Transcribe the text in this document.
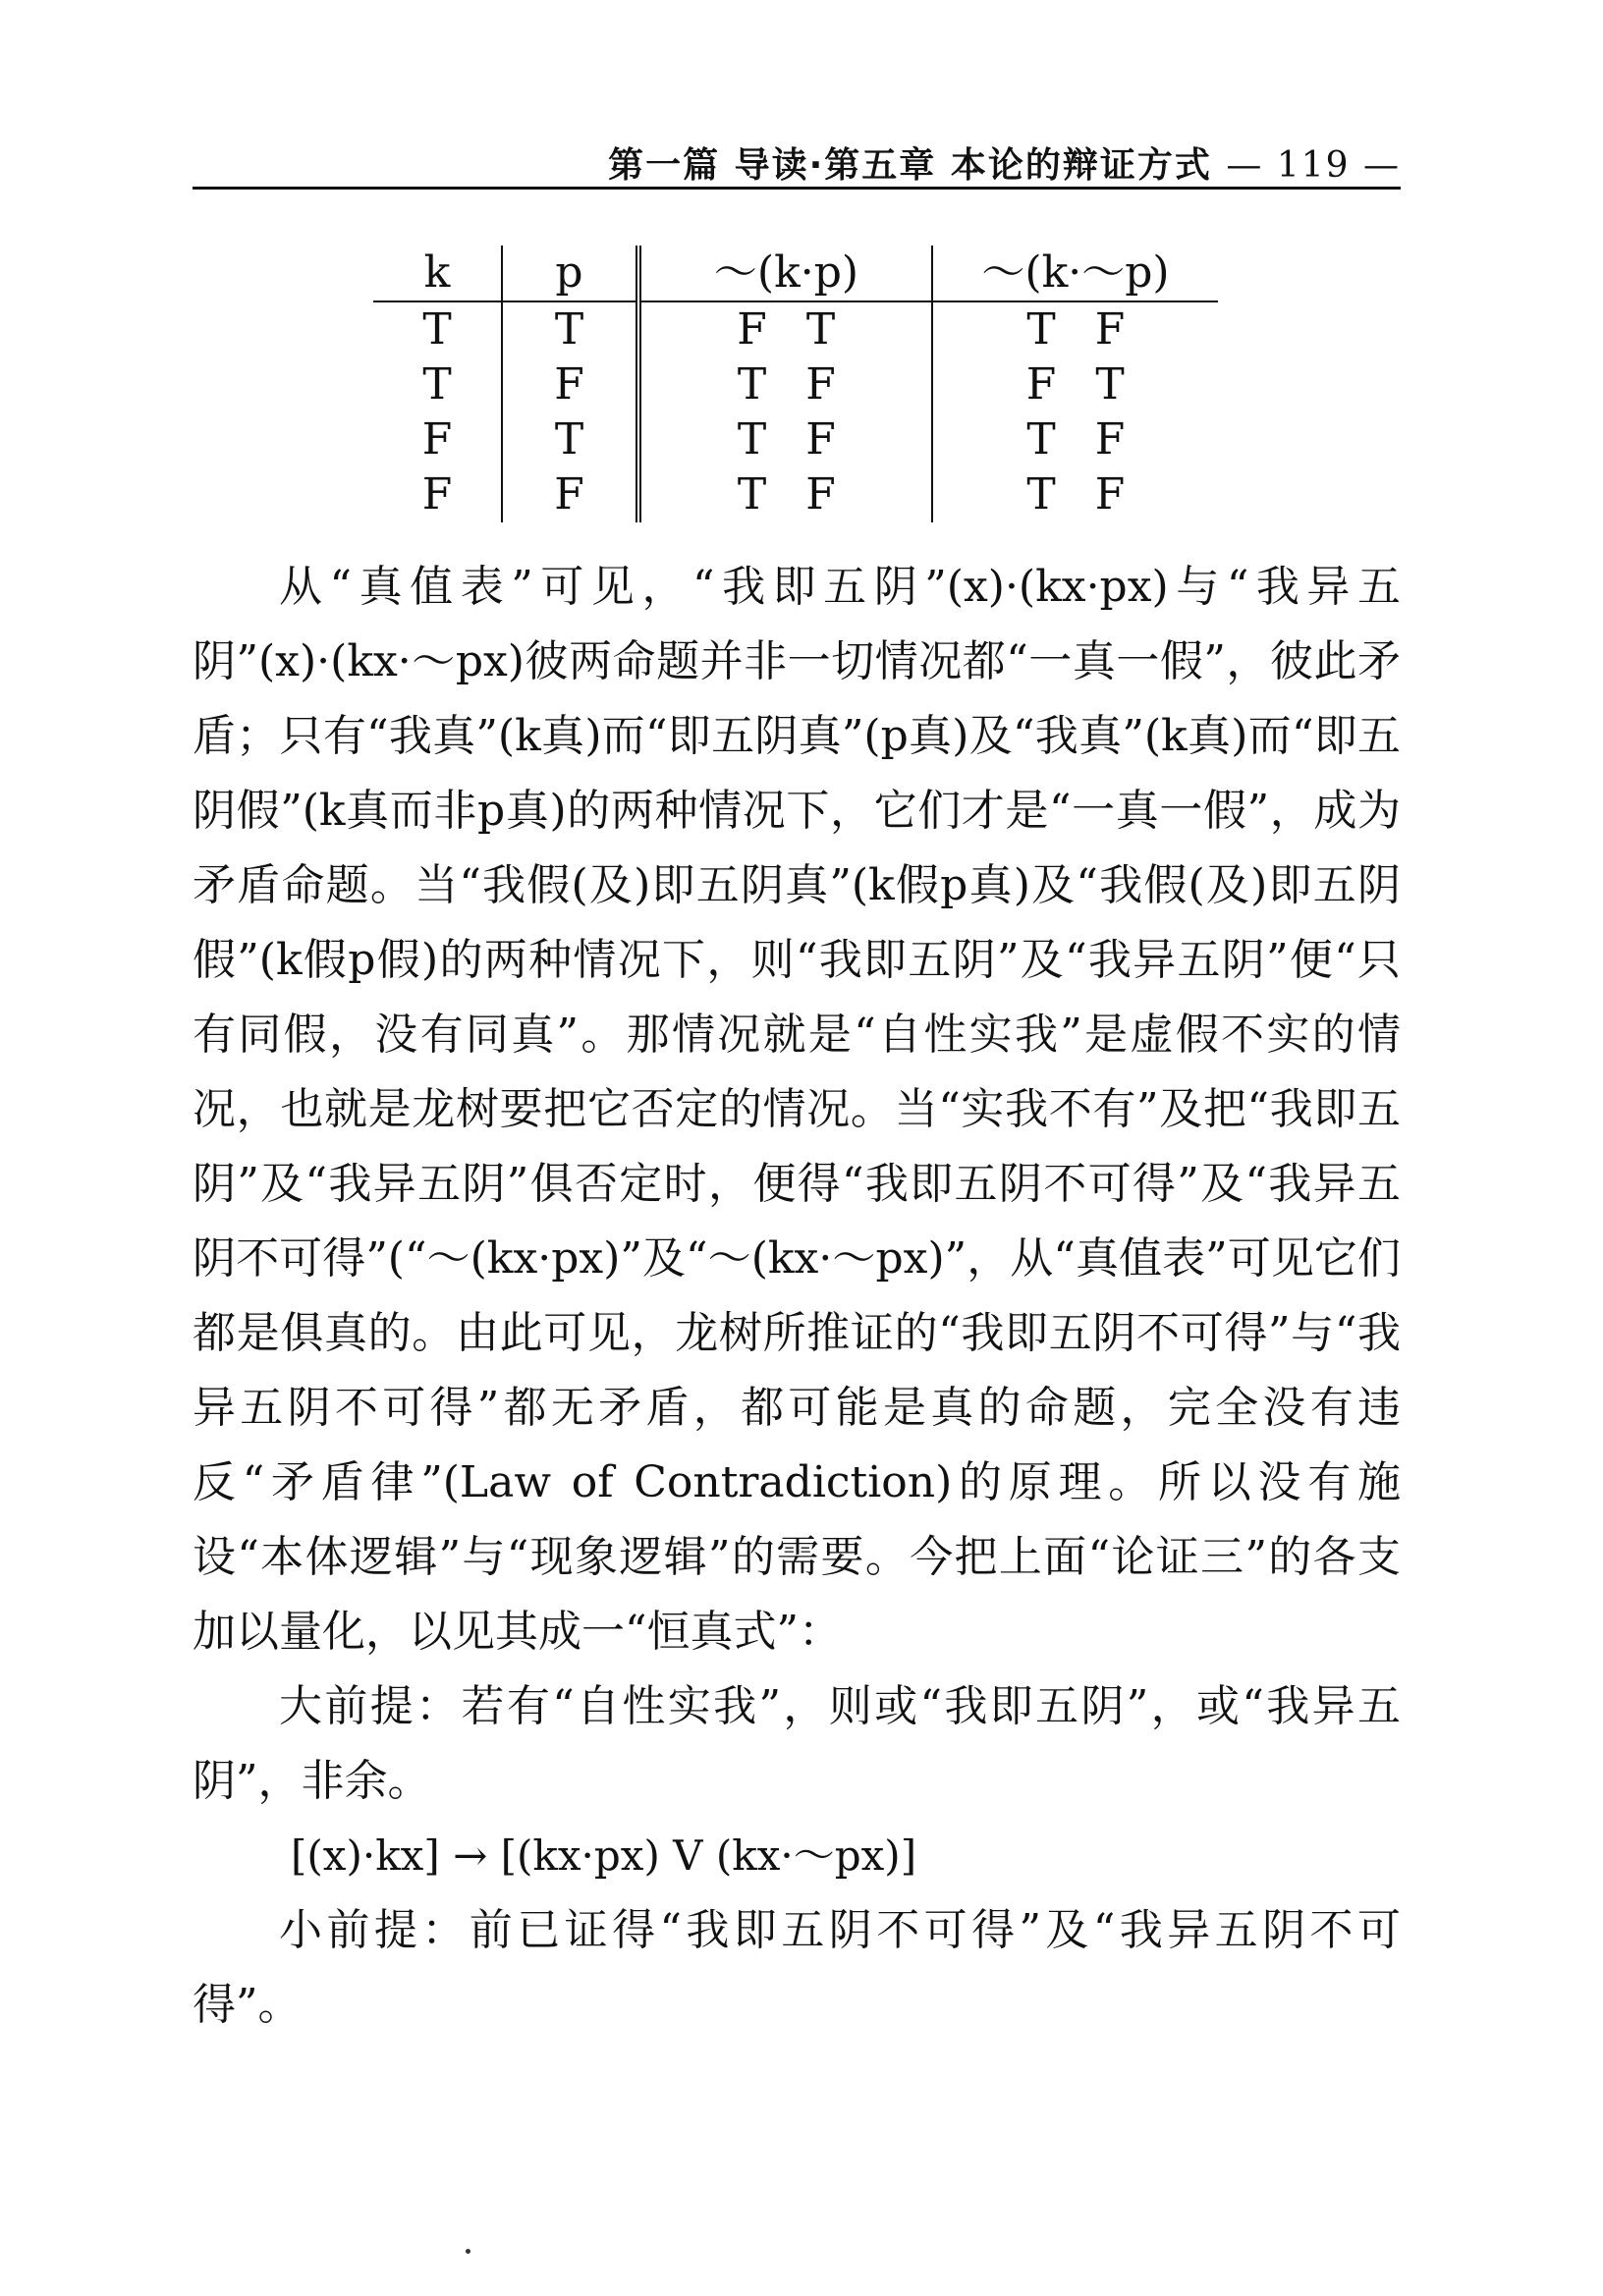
第一篇 导读·第五章 本论的辩证方式 — 119 —
k	p	～(k·p)	～(k·～p)
T	T	F T	T F
T	F	T F	F T
F	T	T F	T F
F	F	T F	T F

从“真值表”可见，“我即五阴”(x)·(kx·px)与“我异五阴”(x)·(kx·～px)彼两命题并非一切情况都“一真一假”，彼此矛盾；只有“我真”(k真)而“即五阴真”(p真)及“我真”(k真)而“即五阴假”(k真而非p真)的两种情况下，它们才是“一真一假”，成为矛盾命题。当“我假(及)即五阴真”(k假p真)及“我假(及)即五阴假”(k假p假)的两种情况下，则“我即五阴”及“我异五阴”便“只有同假，没有同真”。那情况就是“自性实我”是虚假不实的情况，也就是龙树要把它否定的情况。当“实我不有”及把“我即五阴”及“我异五阴”俱否定时，便得“我即五阴不可得”及“我异五阴不可得”(“～(kx·px)”及“～(kx·～px)”，从“真值表”可见它们都是俱真的。由此可见，龙树所推证的“我即五阴不可得”与“我异五阴不可得”都无矛盾，都可能是真的命题，完全没有违反“矛盾律”(Law of Contradiction)的原理。所以没有施设“本体逻辑”与“现象逻辑”的需要。今把上面“论证三”的各支加以量化，以见其成一“恒真式”：

大前提：若有“自性实我”，则或“我即五阴”，或“我异五阴”，非余。

[(x)·kx] → [(kx·px) V (kx·～px)]

小前提：前已证得“我即五阴不可得”及“我异五阴不可得”。
